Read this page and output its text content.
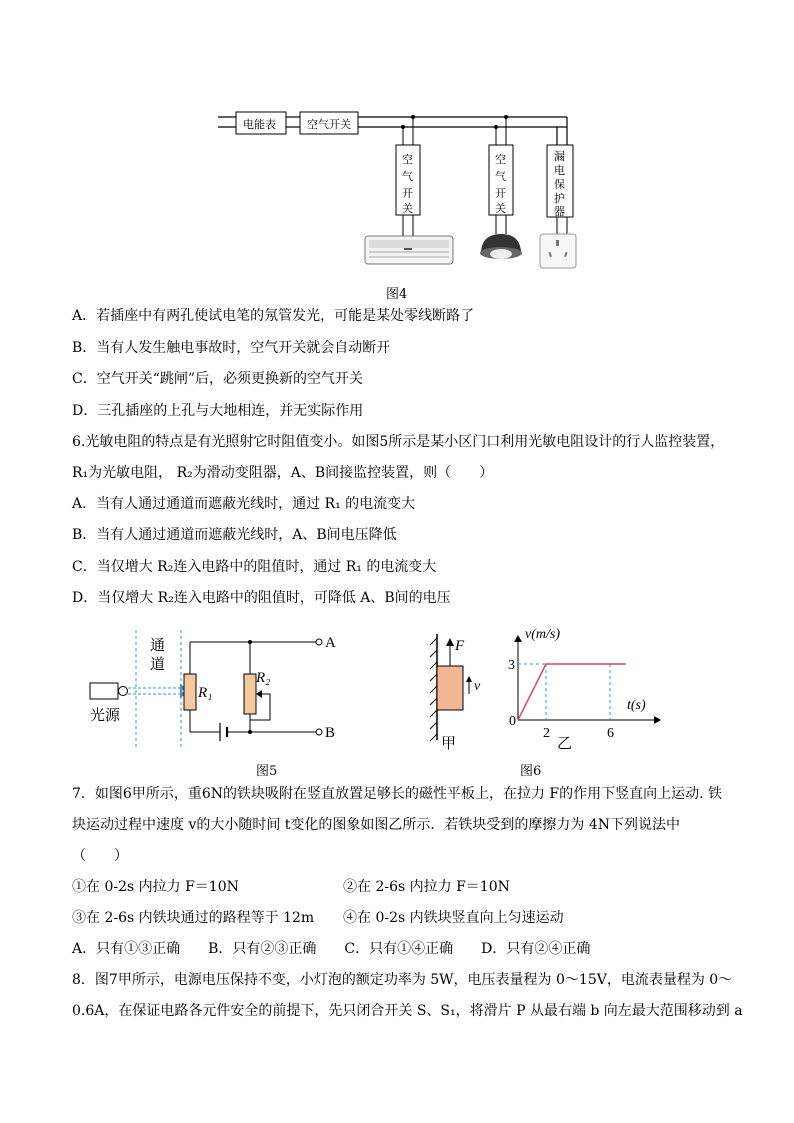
电能表	空气开关
空
气
开
关
空
气
开
关
漏
电
保
护
器
图4
A．若插座中有两孔使试电笔的氖管发光，可能是某处零线断路了
B．当有人发生触电事故时，空气开关就会自动断开
C．空气开关“跳闸”后，必须更换新的空气开关
D．三孔插座的上孔与大地相连，并无实际作用
6.光敏电阻的特点是有光照射它时阻值变小。如图5所示是某小区门口利用光敏电阻设计的行人监控装置，
R₁为光敏电阻， R₂为滑动变阻器，A、B间接监控装置，则（　　）
A．当有人通过通道而遮蔽光线时，通过 R₁ 的电流变大
B．当有人通过通道而遮蔽光线时，A、B间电压降低
C．当仅增大 R₂连入电路中的阻值时，通过 R₁ 的电流变大
D．当仅增大 R₂连入电路中的阻值时，可降低 A、B间的电压
通
道
光源
A
R₁
B
R₂
图5
F
v
甲
v(m/s)
t(s)
0
3
2	6
乙
图6
7．如图6甲所示，重6N的铁块吸附在竖直放置足够长的磁性平板上，在拉力 F的作用下竖直向上运动. 铁
块运动过程中速度 v的大小随时间 t变化的图象如图乙所示．若铁块受到的摩擦力为 4N下列说法中
（　　）
①在 0-2s 内拉力 F＝10N	②在 2-6s 内拉力 F＝10N
③在 2-6s 内铁块通过的路程等于 12m ④在 0-2s 内铁块竖直向上匀速运动
A．只有①③正确　　B．只有②③正确　　C．只有①④正确　　D．只有②④正确
8．图7甲所示，电源电压保持不变，小灯泡的额定功率为 5W，电压表量程为 0～15V，电流表量程为 0～
0.6A，在保证电路各元件安全的前提下，先只闭合开关 S、S₁，将滑片 P 从最右端 b 向左最大范围移动到 a
